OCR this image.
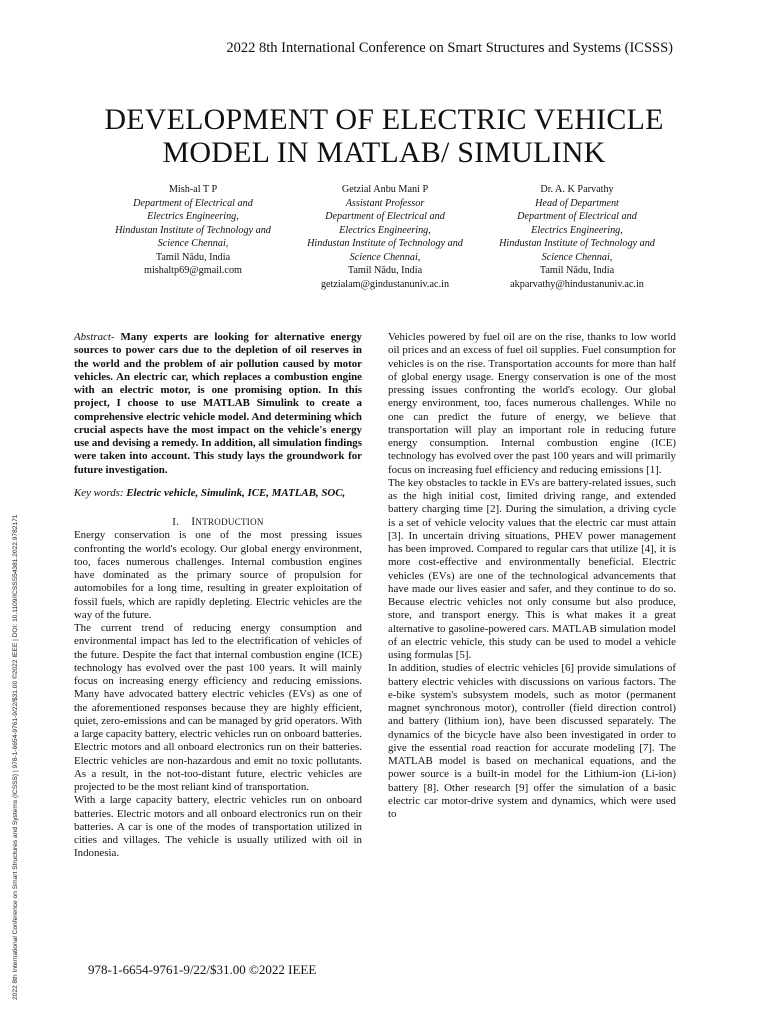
2022 8th International Conference on Smart Structures and Systems (ICSSS)
DEVELOPMENT OF ELECTRIC VEHICLE
MODEL IN MATLAB/ SIMULINK
Mish-al T P
Department of Electrical and
Electrics Engineering,
Hindustan Institute of Technology and
Science Chennai,
Tamil Nādu, India
mishaltp69@gmail.com
Getzial Anbu Mani P
Assistant Professor
Department of Electrical and
Electrics Engineering,
Hindustan Institute of Technology and
Science Chennai,
Tamil Nādu, India
getzialam@gindustanuniv.ac.in
Dr. A. K Parvathy
Head of Department
Department of Electrical and
Electrics Engineering,
Hindustan Institute of Technology and
Science Chennai,
Tamil Nādu, India
akparvathy@hindustanuniv.ac.in
2022 8th International Conference on Smart Structures and Systems (ICSSS) | 978-1-6654-9761-9/22/$31.00 ©2022 IEEE | DOI: 10.1109/ICSSS54381.2022.9782171

Abstract- Many experts are looking for alternative energy sources to power cars due to the depletion of oil reserves in the world and the problem of air pollution caused by motor vehicles. An electric car, which replaces a combustion engine with an electric motor, is one promising option. In this project, I choose to use MATLAB Simulink to create a comprehensive electric vehicle model. And determining which crucial aspects have the most impact on the vehicle's energy use and devising a remedy. In addition, all simulation findings were taken into account. This study lays the groundwork for future investigation.

Key words: Electric vehicle, Simulink, ICE, MATLAB, SOC,

I. INTRODUCTION

Energy conservation is one of the most pressing issues confronting the world's ecology. Our global energy environment, too, faces numerous challenges. Internal combustion engines have dominated as the primary source of propulsion for automobiles for a long time, resulting in greater exploitation of fossil fuels, which are rapidly depleting. Electric vehicles are the way of the future.

The current trend of reducing energy consumption and environmental impact has led to the electrification of vehicles of the future. Despite the fact that internal combustion engine (ICE) technology has evolved over the past 100 years. It will mainly focus on increasing energy efficiency and reducing emissions. Many have advocated battery electric vehicles (EVs) as one of the aforementioned responses because they are highly efficient, quiet, zero-emissions and can be managed by grid operators. With a large capacity battery, electric vehicles run on onboard batteries. Electric motors and all onboard electronics run on their batteries. Electric vehicles are non-hazardous and emit no toxic pollutants. As a result, in the not-too-distant future, electric vehicles are projected to be the most reliant kind of transportation.

With a large capacity battery, electric vehicles run on onboard batteries. Electric motors and all onboard electronics run on their batteries. A car is one of the modes of transportation utilized in cities and villages. The vehicle is usually utilized with oil in Indonesia.

Vehicles powered by fuel oil are on the rise, thanks to low world oil prices and an excess of fuel oil supplies. Fuel consumption for vehicles is on the rise. Transportation accounts for more than half of global energy usage. Energy conservation is one of the most pressing issues confronting the world's ecology. Our global energy environment, too, faces numerous challenges. While no one can predict the future of energy, we believe that transportation will play an important role in reducing future energy consumption. Internal combustion engine (ICE) technology has evolved over the past 100 years and will primarily focus on increasing fuel efficiency and reducing emissions [1].

The key obstacles to tackle in EVs are battery-related issues, such as the high initial cost, limited driving range, and extended battery charging time [2]. During the simulation, a driving cycle is a set of vehicle velocity values that the electric car must attain [3]. In uncertain driving situations, PHEV power management has been improved. Compared to regular cars that utilize [4], it is more cost-effective and environmentally beneficial. Electric vehicles (EVs) are one of the technological advancements that have made our lives easier and safer, and they continue to do so. Because electric vehicles not only consume but also produce, store, and transport energy. This is what makes it a great alternative to gasoline-powered cars. MATLAB simulation model of an electric vehicle, this study can be used to model a vehicle using formulas [5].

In addition, studies of electric vehicles [6] provide simulations of battery electric vehicles with discussions on various factors. The e-bike system's subsystem models, such as motor (permanent magnet synchronous motor), controller (field direction control) and battery (lithium ion), have been discussed separately. The dynamics of the bicycle have also been investigated in order to give the essential road reaction for accurate modeling [7]. The MATLAB model is based on mechanical equations, and the power source is a built-in model for the Lithium-ion (Li-ion) battery [8]. Other research [9] offer the simulation of a basic electric car motor-drive system and dynamics, which were used to

978-1-6654-9761-9/22/$31.00 ©2022 IEEE
